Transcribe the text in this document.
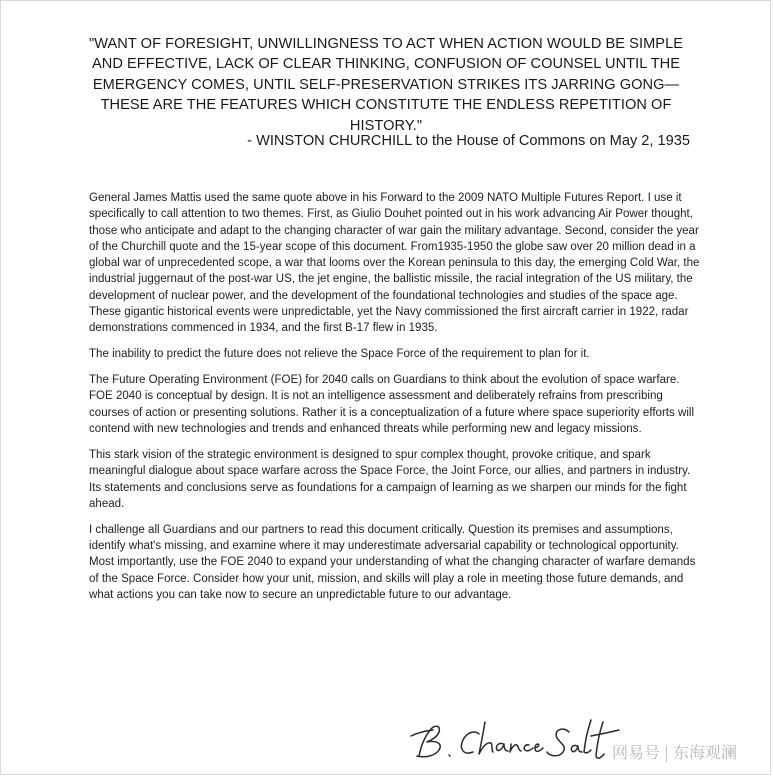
"WANT OF FORESIGHT, UNWILLINGNESS TO ACT WHEN ACTION WOULD BE SIMPLE AND EFFECTIVE, LACK OF CLEAR THINKING, CONFUSION OF COUNSEL UNTIL THE EMERGENCY COMES, UNTIL SELF-PRESERVATION STRIKES ITS JARRING GONG—THESE ARE THE FEATURES WHICH CONSTITUTE THE ENDLESS REPETITION OF HISTORY."
- WINSTON CHURCHILL to the House of Commons on May 2, 1935

General James Mattis used the same quote above in his Forward to the 2009 NATO Multiple Futures Report. I use it specifically to call attention to two themes. First, as Giulio Douhet pointed out in his work advancing Air Power thought, those who anticipate and adapt to the changing character of war gain the military advantage. Second, consider the year of the Churchill quote and the 15-year scope of this document. From1935-1950 the globe saw over 20 million dead in a global war of unprecedented scope, a war that looms over the Korean peninsula to this day, the emerging Cold War, the industrial juggernaut of the post-war US, the jet engine, the ballistic missile, the racial integration of the US military, the development of nuclear power, and the development of the foundational technologies and studies of the space age. These gigantic historical events were unpredictable, yet the Navy commissioned the first aircraft carrier in 1922, radar demonstrations commenced in 1934, and the first B-17 flew in 1935.

The inability to predict the future does not relieve the Space Force of the requirement to plan for it.

The Future Operating Environment (FOE) for 2040 calls on Guardians to think about the evolution of space warfare. FOE 2040 is conceptual by design. It is not an intelligence assessment and deliberately refrains from prescribing courses of action or presenting solutions. Rather it is a conceptualization of a future where space superiority efforts will contend with new technologies and trends and enhanced threats while performing new and legacy missions.

This stark vision of the strategic environment is designed to spur complex thought, provoke critique, and spark meaningful dialogue about space warfare across the Space Force, the Joint Force, our allies, and partners in industry. Its statements and conclusions serve as foundations for a campaign of learning as we sharpen our minds for the fight ahead.

I challenge all Guardians and our partners to read this document critically. Question its premises and assumptions, identify what's missing, and examine where it may underestimate adversarial capability or technological opportunity. Most importantly, use the FOE 2040 to expand your understanding of what the changing character of warfare demands of the Space Force. Consider how your unit, mission, and skills will play a role in meeting those future demands, and what actions you can take now to secure an unpredictable future to our advantage.

网易号 东海观澜
